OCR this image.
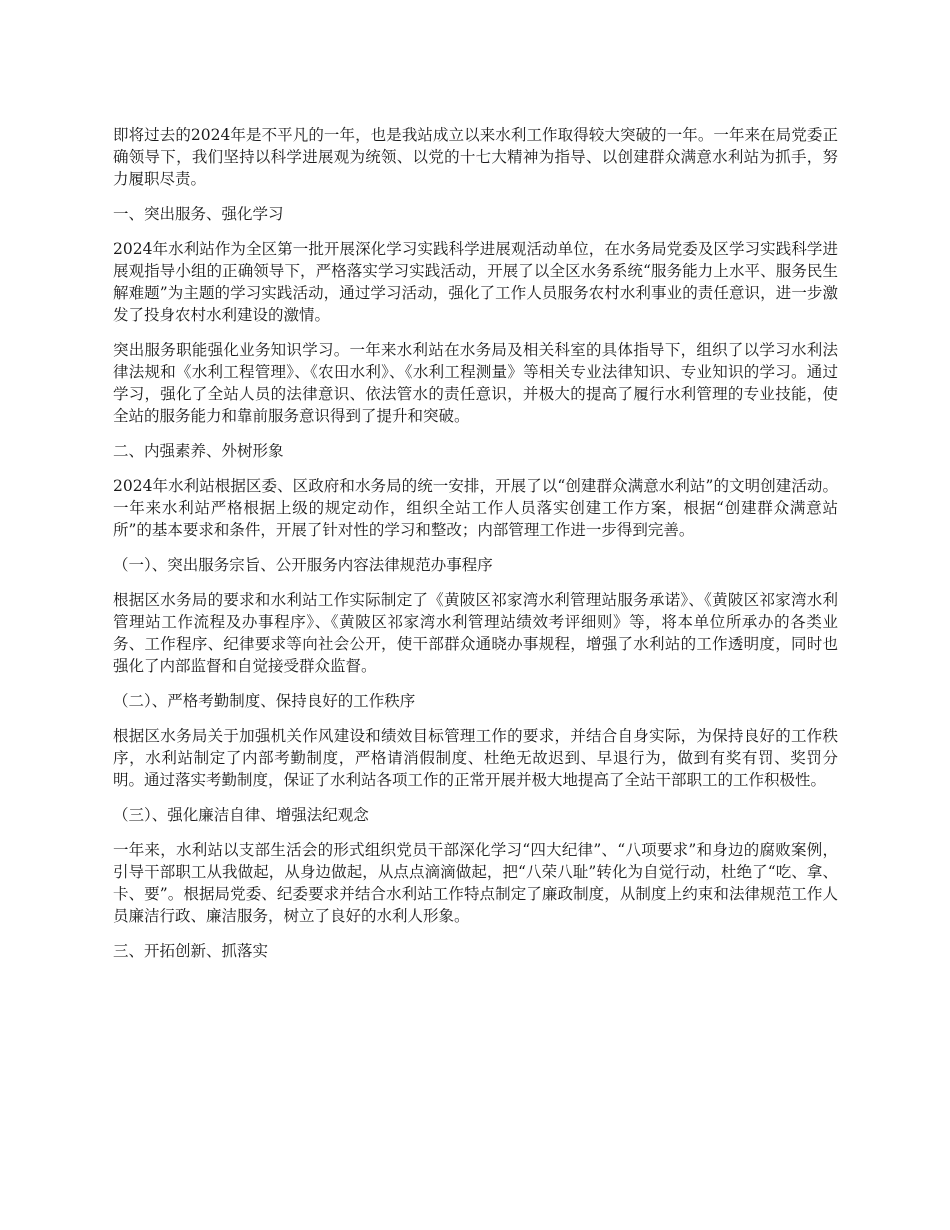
即将过去的2024年是不平凡的一年，也是我站成立以来水利工作取得较大突破的一年。一年来在局党委正确领导下，我们坚持以科学进展观为统领、以党的十七大精神为指导、以创建群众满意水利站为抓手，努力履职尽责。

一、突出服务、强化学习

2024年水利站作为全区第一批开展深化学习实践科学进展观活动单位，在水务局党委及区学习实践科学进展观指导小组的正确领导下，严格落实学习实践活动，开展了以全区水务系统“服务能力上水平、服务民生解难题”为主题的学习实践活动，通过学习活动，强化了工作人员服务农村水利事业的责任意识，进一步激发了投身农村水利建设的激情。

突出服务职能强化业务知识学习。一年来水利站在水务局及相关科室的具体指导下，组织了以学习水利法律法规和《水利工程管理》、《农田水利》、《水利工程测量》等相关专业法律知识、专业知识的学习。通过学习，强化了全站人员的法律意识、依法管水的责任意识，并极大的提高了履行水利管理的专业技能，使全站的服务能力和靠前服务意识得到了提升和突破。

二、内强素养、外树形象

2024年水利站根据区委、区政府和水务局的统一安排，开展了以“创建群众满意水利站”的文明创建活动。一年来水利站严格根据上级的规定动作，组织全站工作人员落实创建工作方案，根据“创建群众满意站所”的基本要求和条件，开展了针对性的学习和整改；内部管理工作进一步得到完善。

（一）、突出服务宗旨、公开服务内容法律规范办事程序

根据区水务局的要求和水利站工作实际制定了《黄陂区祁家湾水利管理站服务承诺》、《黄陂区祁家湾水利管理站工作流程及办事程序》、《黄陂区祁家湾水利管理站绩效考评细则》等，将本单位所承办的各类业务、工作程序、纪律要求等向社会公开，使干部群众通晓办事规程，增强了水利站的工作透明度，同时也强化了内部监督和自觉接受群众监督。

（二）、严格考勤制度、保持良好的工作秩序

根据区水务局关于加强机关作风建设和绩效目标管理工作的要求，并结合自身实际，为保持良好的工作秩序，水利站制定了内部考勤制度，严格请消假制度、杜绝无故迟到、早退行为，做到有奖有罚、奖罚分明。通过落实考勤制度，保证了水利站各项工作的正常开展并极大地提高了全站干部职工的工作积极性。

（三）、强化廉洁自律、增强法纪观念

一年来，水利站以支部生活会的形式组织党员干部深化学习“四大纪律”、“八项要求”和身边的腐败案例，引导干部职工从我做起，从身边做起，从点点滴滴做起，把“八荣八耻”转化为自觉行动，杜绝了“吃、拿、卡、要”。根据局党委、纪委要求并结合水利站工作特点制定了廉政制度，从制度上约束和法律规范工作人员廉洁行政、廉洁服务，树立了良好的水利人形象。

三、开拓创新、抓落实
